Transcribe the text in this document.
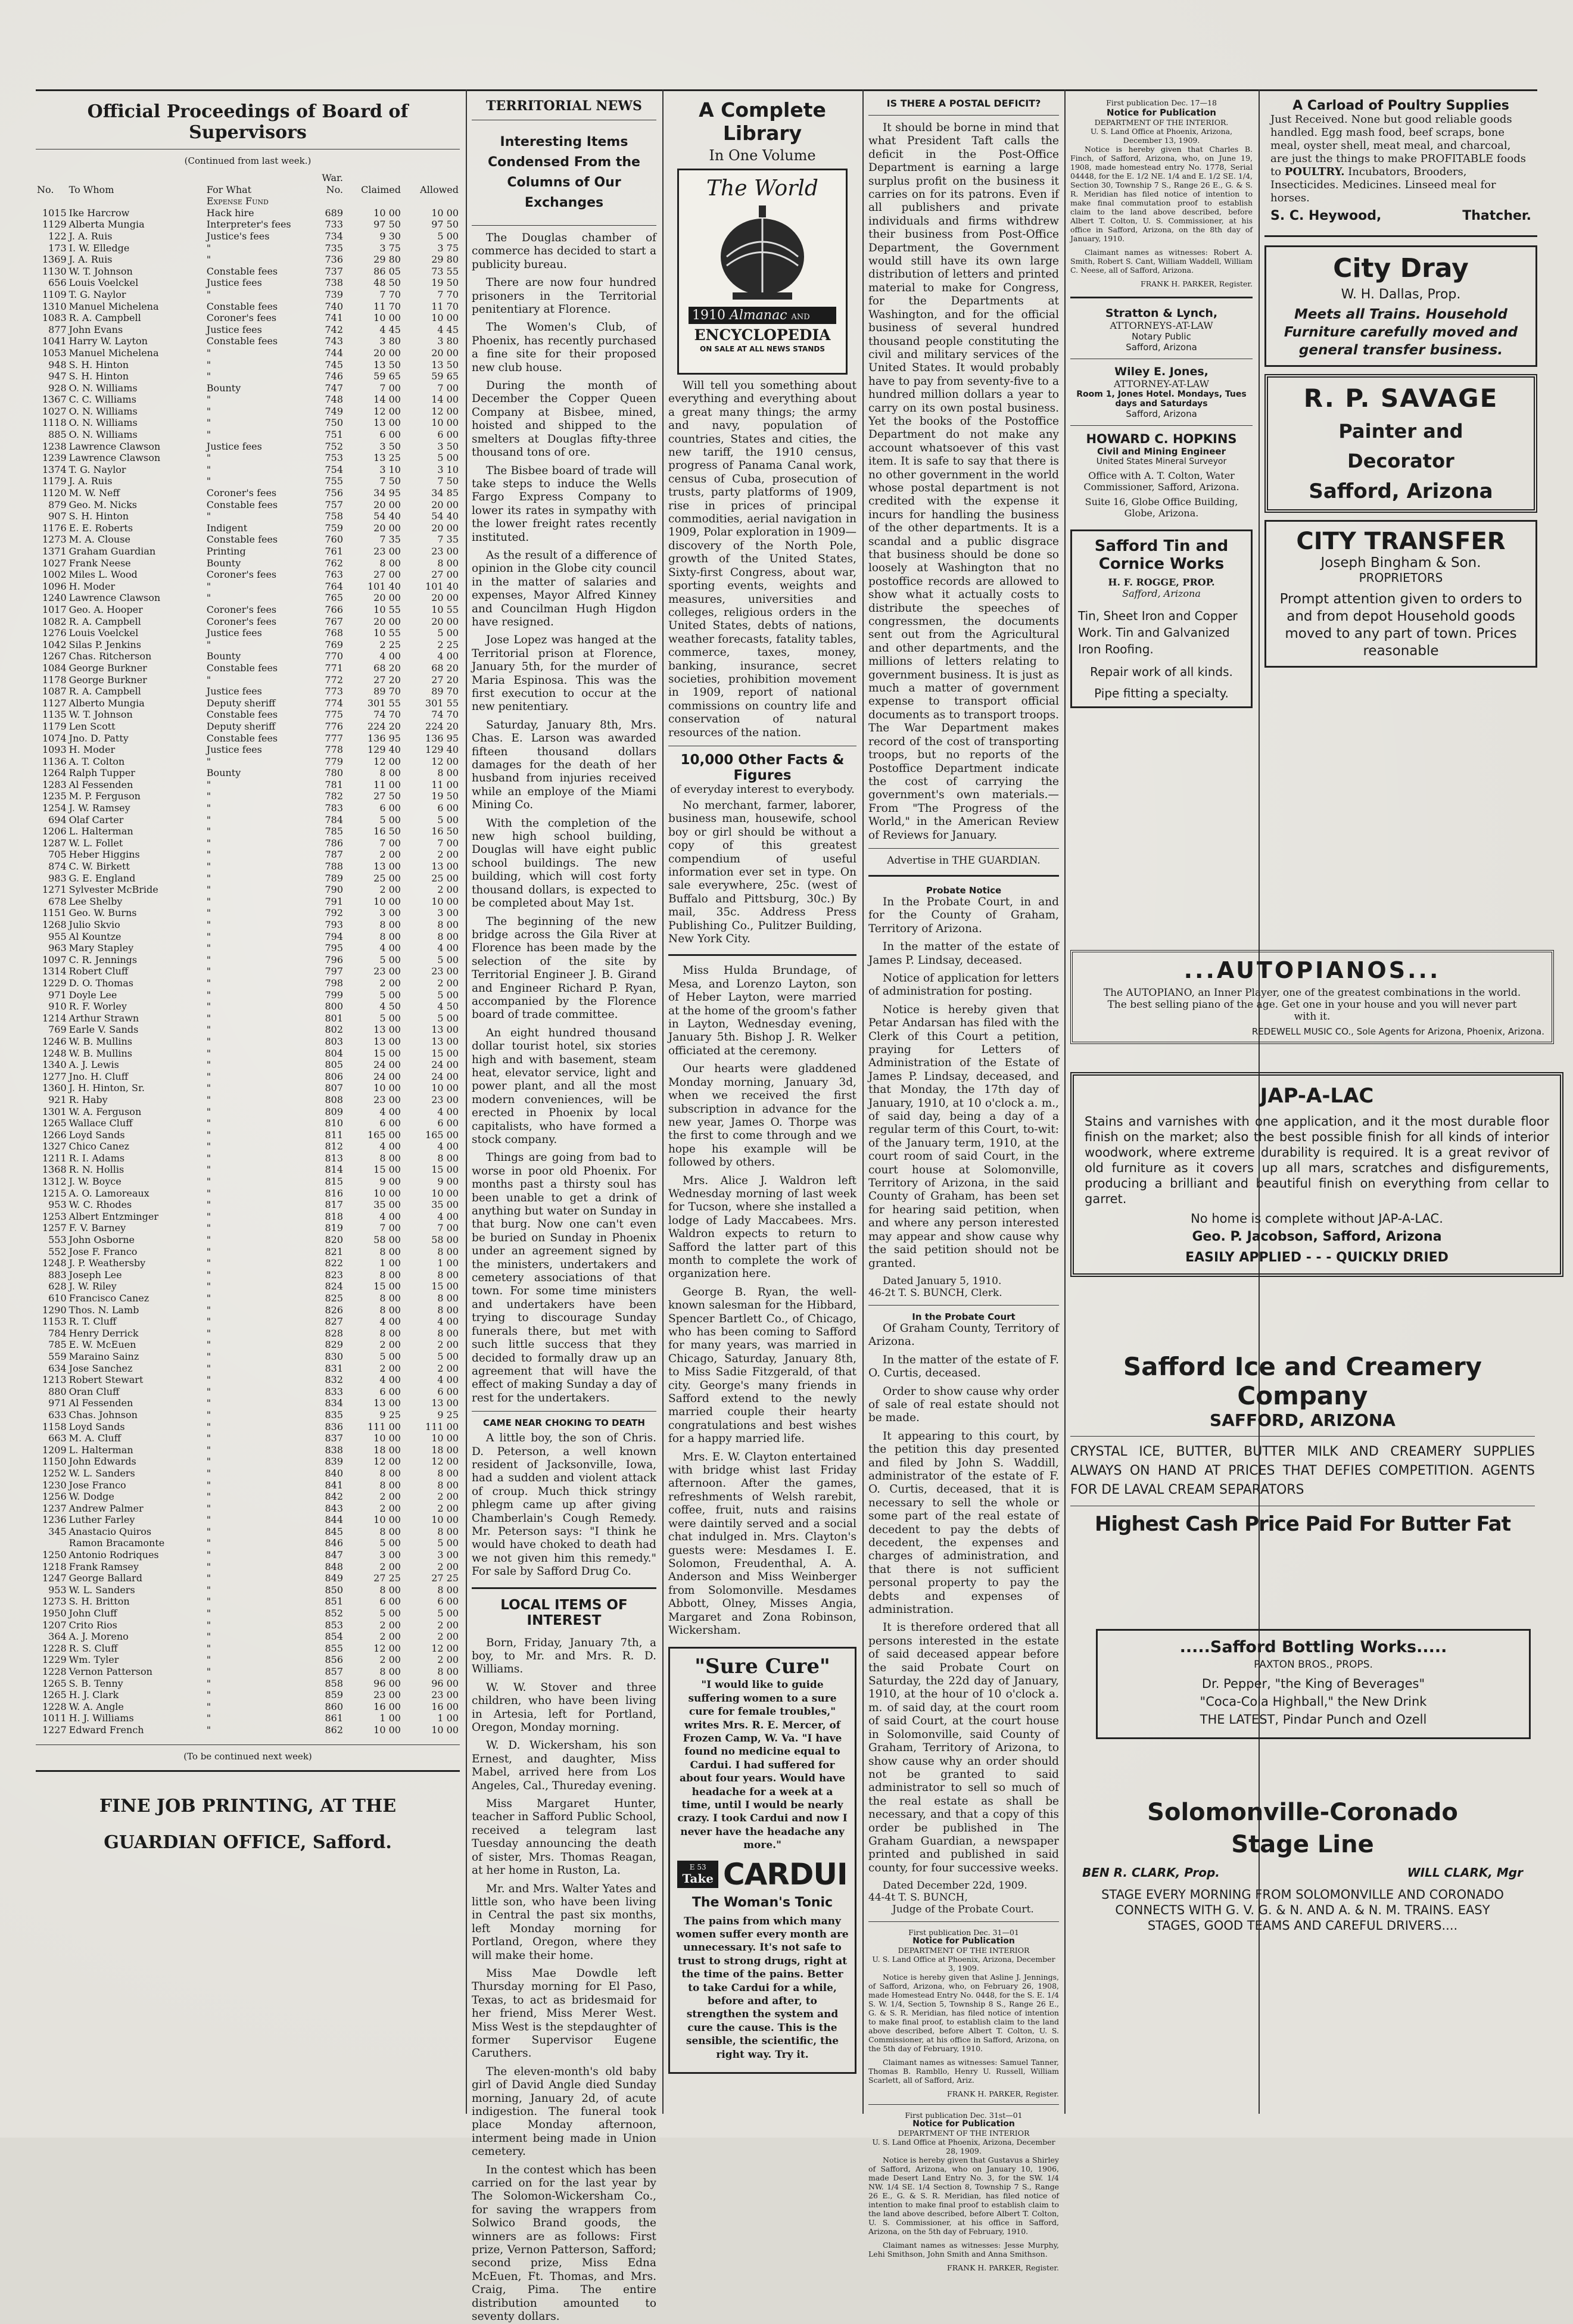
Official Proceedings of Board of Supervisors
(Continued from last week.)
			War.		
No.	To Whom	For What	No.	Claimed	Allowed
		Expense Fund			
1015	Ike Harcrow	Hack hire	689	10 00	10 00
1129	Alberta Mungia	Interpreter's fees	733	97 50	97 50
122	J. A. Ruis	Justice's fees	734	9 30	5 00
173	I. W. Elledge	"	735	3 75	3 75
1369	J. A. Ruis	"	736	29 80	29 80
1130	W. T. Johnson	Constable fees	737	86 05	73 55
656	Louis Voelckel	Justice fees	738	48 50	19 50
1109	T. G. Naylor	"	739	7 70	7 70
1310	Manuel Michelena	Constable fees	740	11 70	11 70
1083	R. A. Campbell	Coroner's fees	741	10 00	10 00
877	John Evans	Justice fees	742	4 45	4 45
1041	Harry W. Layton	Constable fees	743	3 80	3 80
1053	Manuel Michelena	"	744	20 00	20 00
948	S. H. Hinton	"	745	13 50	13 50
947	S. H. Hinton	"	746	59 65	59 65
928	O. N. Williams	Bounty	747	7 00	7 00
1367	C. C. Williams	"	748	14 00	14 00
1027	O. N. Williams	"	749	12 00	12 00
1118	O. N. Williams	"	750	13 00	10 00
885	O. N. Williams	"	751	6 00	6 00
1238	Lawrence Clawson	Justice fees	752	3 50	3 50
1239	Lawrence Clawson	"	753	13 25	5 00
1374	T. G. Naylor	"	754	3 10	3 10
1179	J. A. Ruis	"	755	7 50	7 50
1120	M. W. Neff	Coroner's fees	756	34 95	34 85
879	Geo. M. Nicks	Constable fees	757	20 00	20 00
907	S. H. Hinton	"	758	54 40	54 40
1176	E. E. Roberts	Indigent	759	20 00	20 00
1273	M. A. Clouse	Constable fees	760	7 35	7 35
1371	Graham Guardian	Printing	761	23 00	23 00
1027	Frank Neese	Bounty	762	8 00	8 00
1002	Miles L. Wood	Coroner's fees	763	27 00	27 00
1096	H. Moder	"	764	101 40	101 40
1240	Lawrence Clawson	"	765	20 00	20 00
1017	Geo. A. Hooper	Coroner's fees	766	10 55	10 55
1082	R. A. Campbell	Coroner's fees	767	20 00	20 00
1276	Louis Voelckel	Justice fees	768	10 55	5 00
1042	Silas P. Jenkins	"	769	2 25	2 25
1267	Chas. Ritcherson	Bounty	770	4 00	4 00
1084	George Burkner	Constable fees	771	68 20	68 20
1178	George Burkner	"	772	27 20	27 20
1087	R. A. Campbell	Justice fees	773	89 70	89 70
1127	Alberto Mungia	Deputy sheriff	774	301 55	301 55
1135	W. T. Johnson	Constable fees	775	74 70	74 70
1179	Len Scott	Deputy sheriff	776	224 20	224 20
1074	Jno. D. Patty	Constable fees	777	136 95	136 95
1093	H. Moder	Justice fees	778	129 40	129 40
1136	A. T. Colton	"	779	12 00	12 00
1264	Ralph Tupper	Bounty	780	8 00	8 00
1283	Al Fessenden	"	781	11 00	11 00
1235	M. P. Ferguson	"	782	27 50	19 50
1254	J. W. Ramsey	"	783	6 00	6 00
694	Olaf Carter	"	784	5 00	5 00
1206	L. Halterman	"	785	16 50	16 50
1287	W. L. Follet	"	786	7 00	7 00
705	Heber Higgins	"	787	2 00	2 00
874	C. W. Birkett	"	788	13 00	13 00
983	G. E. England	"	789	25 00	25 00
1271	Sylvester McBride	"	790	2 00	2 00
678	Lee Shelby	"	791	10 00	10 00
1151	Geo. W. Burns	"	792	3 00	3 00
1268	Julio Skvio	"	793	8 00	8 00
955	Al Kountze	"	794	8 00	8 00
963	Mary Stapley	"	795	4 00	4 00
1097	C. R. Jennings	"	796	5 00	5 00
1314	Robert Cluff	"	797	23 00	23 00
1229	D. O. Thomas	"	798	2 00	2 00
971	Doyle Lee	"	799	5 00	5 00
910	R. F. Worley	"	800	4 50	4 50
1214	Arthur Strawn	"	801	5 00	5 00
769	Earle V. Sands	"	802	13 00	13 00
1246	W. B. Mullins	"	803	13 00	13 00
1248	W. B. Mullins	"	804	15 00	15 00
1340	A. J. Lewis	"	805	24 00	24 00
1277	Jno. H. Cluff	"	806	24 00	24 00
1360	J. H. Hinton, Sr.	"	807	10 00	10 00
921	R. Haby	"	808	23 00	23 00
1301	W. A. Ferguson	"	809	4 00	4 00
1265	Wallace Cluff	"	810	6 00	6 00
1266	Loyd Sands	"	811	165 00	165 00
1327	Chico Canez	"	812	4 00	4 00
1211	R. I. Adams	"	813	8 00	8 00
1368	R. N. Hollis	"	814	15 00	15 00
1312	J. W. Boyce	"	815	9 00	9 00
1215	A. O. Lamoreaux	"	816	10 00	10 00
953	W. C. Rhodes	"	817	35 00	35 00
1253	Albert Entzminger	"	818	4 00	4 00
1257	F. V. Barney	"	819	7 00	7 00
553	John Osborne	"	820	58 00	58 00
552	Jose F. Franco	"	821	8 00	8 00
1248	J. P. Weathersby	"	822	1 00	1 00
883	Joseph Lee	"	823	8 00	8 00
628	J. W. Riley	"	824	15 00	15 00
610	Francisco Canez	"	825	8 00	8 00
1290	Thos. N. Lamb	"	826	8 00	8 00
1153	R. T. Cluff	"	827	4 00	4 00
784	Henry Derrick	"	828	8 00	8 00
785	E. W. McEuen	"	829	2 00	2 00
559	Maraino Sainz	"	830	5 00	5 00
634	Jose Sanchez	"	831	2 00	2 00
1213	Robert Stewart	"	832	4 00	4 00
880	Oran Cluff	"	833	6 00	6 00
971	Al Fessenden	"	834	13 00	13 00
633	Chas. Johnson	"	835	9 25	9 25
1158	Loyd Sands	"	836	111 00	111 00
663	M. A. Cluff	"	837	10 00	10 00
1209	L. Halterman	"	838	18 00	18 00
1150	John Edwards	"	839	12 00	12 00
1252	W. L. Sanders	"	840	8 00	8 00
1230	Jose Franco	"	841	8 00	8 00
1256	W. Dodge	"	842	2 00	2 00
1237	Andrew Palmer	"	843	2 00	2 00
1236	Luther Farley	"	844	10 00	10 00
345	Anastacio Quiros	"	845	8 00	8 00
	Ramon Bracamonte	"	846	5 00	5 00
1250	Antonio Rodriques	"	847	3 00	3 00
1218	Frank Ramsey	"	848	2 00	2 00
1247	George Ballard	"	849	27 25	27 25
953	W. L. Sanders	"	850	8 00	8 00
1273	S. H. Britton	"	851	6 00	6 00
1950	John Cluff	"	852	5 00	5 00
1207	Crito Rios	"	853	2 00	2 00
364	A. J. Moreno	"	854	2 00	2 00
1228	R. S. Cluff	"	855	12 00	12 00
1229	Wm. Tyler	"	856	2 00	2 00
1228	Vernon Patterson	"	857	8 00	8 00
1265	S. B. Tenny	"	858	96 00	96 00
1265	H. J. Clark	"	859	23 00	23 00
1228	W. A. Angle	"	860	16 00	16 00
1011	H. J. Williams	"	861	1 00	1 00
1227	Edward French	"	862	10 00	10 00
(To be continued next week)
FINE JOB PRINTING, AT THE
GUARDIAN OFFICE, Safford.
TERRITORIAL NEWS
Interesting Items Condensed From the Columns of Our Exchanges

The Douglas chamber of commerce has decided to start a publicity bureau.

There are now four hundred prisoners in the Territorial penitentiary at Florence.

The Women's Club, of Phoenix, has recently purchased a fine site for their proposed new club house.

During the month of December the Copper Queen Company at Bisbee, mined, hoisted and shipped to the smelters at Douglas fifty-three thousand tons of ore.

The Bisbee board of trade will take steps to induce the Wells Fargo Express Company to lower its rates in sympathy with the lower freight rates recently instituted.

As the result of a difference of opinion in the Globe city council in the matter of salaries and expenses, Mayor Alfred Kinney and Councilman Hugh Higdon have resigned.

Jose Lopez was hanged at the Territorial prison at Florence, January 5th, for the murder of Maria Espinosa. This was the first execution to occur at the new penitentiary.

Saturday, January 8th, Mrs. Chas. E. Larson was awarded fifteen thousand dollars damages for the death of her husband from injuries received while an employe of the Miami Mining Co.

With the completion of the new high school building, Douglas will have eight public school buildings. The new building, which will cost forty thousand dollars, is expected to be completed about May 1st.

The beginning of the new bridge across the Gila River at Florence has been made by the selection of the site by Territorial Engineer J. B. Girand and Engineer Richard P. Ryan, accompanied by the Florence board of trade committee.

An eight hundred thousand dollar tourist hotel, six stories high and with basement, steam heat, elevator service, light and power plant, and all the most modern conveniences, will be erected in Phoenix by local capitalists, who have formed a stock company.

Things are going from bad to worse in poor old Phoenix. For months past a thirsty soul has been unable to get a drink of anything but water on Sunday in that burg. Now one can't even be buried on Sunday in Phoenix under an agreement signed by the ministers, undertakers and cemetery associations of that town. For some time ministers and undertakers have been trying to discourage Sunday funerals there, but met with such little success that they decided to formally draw up an agreement that will have the effect of making Sunday a day of rest for the undertakers.

CAME NEAR CHOKING TO DEATH

A little boy, the son of Chris. D. Peterson, a well known resident of Jacksonville, Iowa, had a sudden and violent attack of croup. Much thick stringy phlegm came up after giving Chamberlain's Cough Remedy. Mr. Peterson says: "I think he would have choked to death had we not given him this remedy." For sale by Safford Drug Co.

LOCAL ITEMS OF INTEREST

Born, Friday, January 7th, a boy, to Mr. and Mrs. R. D. Williams.

W. W. Stover and three children, who have been living in Artesia, left for Portland, Oregon, Monday morning.

W. D. Wickersham, his son Ernest, and daughter, Miss Mabel, arrived here from Los Angeles, Cal., Thureday evening.

Miss Margaret Hunter, teacher in Safford Public School, received a telegram last Tuesday announcing the death of sister, Mrs. Thomas Reagan, at her home in Ruston, La.

Mr. and Mrs. Walter Yates and little son, who have been living in Central the past six months, left Monday morning for Portland, Oregon, where they will make their home.

Miss Mae Dowdle left Thursday morning for El Paso, Texas, to act as bridesmaid for her friend, Miss Merer West. Miss West is the stepdaughter of former Supervisor Eugene Caruthers.

The eleven-month's old baby girl of David Angle died Sunday morning, January 2d, of acute indigestion. The funeral took place Monday afternoon, interment being made in Union cemetery.

In the contest which has been carried on for the last year by The Solomon-Wickersham Co., for saving the wrappers from Solwico Brand goods, the winners are as follows: First prize, Vernon Patterson, Safford; second prize, Miss Edna McEuen, Ft. Thomas, and Mrs. Craig, Pima. The entire distribution amounted to seventy dollars.

A Complete Library
In One Volume
The World
1910 Almanac AND
ENCYCLOPEDIA
ON SALE AT ALL NEWS STANDS

Will tell you something about everything and everything about a great many things; the army and navy, population of countries, States and cities, the new tariff, the 1910 census, progress of Panama Canal work, census of Cuba, prosecution of trusts, party platforms of 1909, rise in prices of principal commodities, aerial navigation in 1909, Polar exploration in 1909—discovery of the North Pole, growth of the United States, Sixty-first Congress, about war, sporting events, weights and measures, universities and colleges, religious orders in the United States, debts of nations, weather forecasts, fatality tables, commerce, taxes, money, banking, insurance, secret societies, prohibition movement in 1909, report of national commissions on country life and conservation of natural resources of the nation.

10,000 Other Facts & Figures
of everyday interest to everybody.

No merchant, farmer, laborer, business man, housewife, school boy or girl should be without a copy of this greatest compendium of useful information ever set in type. On sale everywhere, 25c. (west of Buffalo and Pittsburg, 30c.) By mail, 35c. Address Press Publishing Co., Pulitzer Building, New York City.

Miss Hulda Brundage, of Mesa, and Lorenzo Layton, son of Heber Layton, were married at the home of the groom's father in Layton, Wednesday evening, January 5th. Bishop J. R. Welker officiated at the ceremony.

Our hearts were gladdened Monday morning, January 3d, when we received the first subscription in advance for the new year, James O. Thorpe was the first to come through and we hope his example will be followed by others.

Mrs. Alice J. Waldron left Wednesday morning of last week for Tucson, where she installed a lodge of Lady Maccabees. Mrs. Waldron expects to return to Safford the latter part of this month to complete the work of organization here.

George B. Ryan, the well-known salesman for the Hibbard, Spencer Bartlett Co., of Chicago, who has been coming to Safford for many years, was married in Chicago, Saturday, January 8th, to Miss Sadie Fitzgerald, of that city. George's many friends in Safford extend to the newly married couple their hearty congratulations and best wishes for a happy married life.

Mrs. E. W. Clayton entertained with bridge whist last Friday afternoon. After the games, refreshments of Welsh rarebit, coffee, fruit, nuts and raisins were daintily served and a social chat indulged in. Mrs. Clayton's guests were: Mesdames I. E. Solomon, Freudenthal, A. A. Anderson and Miss Weinberger from Solomonville. Mesdames Abbott, Olney, Misses Angia, Margaret and Zona Robinson, Wickersham.

"Sure Cure"

"I would like to guide suffering women to a sure cure for female troubles," writes Mrs. R. E. Mercer, of Frozen Camp, W. Va. "I have found no medicine equal to Cardui. I had suffered for about four years. Would have headache for a week at a time, until I would be nearly crazy. I took Cardui and now I never have the headache any more."

E 53
Take CARDUI
The Woman's Tonic

The pains from which many women suffer every month are unnecessary. It's not safe to trust to strong drugs, right at the time of the pains. Better to take Cardui for a while, before and after, to strengthen the system and cure the cause. This is the sensible, the scientific, the right way. Try it.

IS THERE A POSTAL DEFICIT?

It should be borne in mind that what President Taft calls the deficit in the Post-Office Department is earning a large surplus profit on the business it carries on for its patrons. Even if all publishers and private individuals and firms withdrew their business from Post-Office Department, the Government would still have its own large distribution of letters and printed material to make for Congress, for the Departments at Washington, and for the official business of several hundred thousand people constituting the civil and military services of the United States. It would probably have to pay from seventy-five to a hundred million dollars a year to carry on its own postal business. Yet the books of the Postoffice Department do not make any account whatsoever of this vast item. It is safe to say that there is no other government in the world whose postal department is not credited with the expense it incurs for handling the business of the other departments. It is a scandal and a public disgrace that business should be done so loosely at Washington that no postoffice records are allowed to show what it actually costs to distribute the speeches of congressmen, the documents sent out from the Agricultural and other departments, and the millions of letters relating to government business. It is just as much a matter of government expense to transport official documents as to transport troops. The War Department makes record of the cost of transporting troops, but no reports of the Postoffice Department indicate the cost of carrying the government's own materials.—From "The Progress of the World," in the American Review of Reviews for January.

Advertise in THE GUARDIAN.
Probate Notice

In the Probate Court, in and for the County of Graham, Territory of Arizona.

In the matter of the estate of James P. Lindsay, deceased.

Notice of application for letters of administration for posting.

Notice is hereby given that Petar Andarsan has filed with the Clerk of this Court a petition, praying for Letters of Administration of the Estate of James P. Lindsay, deceased, and that Monday, the 17th day of January, 1910, at 10 o'clock a. m., of said day, being a day of a regular term of this Court, to-wit: of the January term, 1910, at the court room of said Court, in the court house at Solomonville, Territory of Arizona, in the said County of Graham, has been set for hearing said petition, when and where any person interested may appear and show cause why the said petition should not be granted.

Dated January 5, 1910.
46-2t T. S. BUNCH, Clerk.
In the Probate Court

Of Graham County, Territory of Arizona.

In the matter of the estate of F. O. Curtis, deceased.

Order to show cause why order of sale of real estate should not be made.

It appearing to this court, by the petition this day presented and filed by John S. Waddill, administrator of the estate of F. O. Curtis, deceased, that it is necessary to sell the whole or some part of the real estate of decedent to pay the debts of decedent, the expenses and charges of administration, and that there is not sufficient personal property to pay the debts and expenses of administration.

It is therefore ordered that all persons interested in the estate of said deceased appear before the said Probate Court on Saturday, the 22d day of January, 1910, at the hour of 10 o'clock a. m. of said day, at the court room of said Court, at the court house in Solomonville, said County of Graham, Territory of Arizona, to show cause why an order should not be granted to said administrator to sell so much of the real estate as shall be necessary, and that a copy of this order be published in The Graham Guardian, a newspaper printed and published in said county, for four successive weeks.

Dated December 22d, 1909.
44-4t T. S. BUNCH,
Judge of the Probate Court.
First publication Dec. 31—01
Notice for Publication
DEPARTMENT OF THE INTERIOR
U. S. Land Office at Phoenix, Arizona, December 3, 1909.

Notice is hereby given that Asline J. Jennings, of Safford, Arizona, who, on February 26, 1908, made Homestead Entry No. 0448, for the S. E. 1/4 S. W. 1/4, Section 5, Township 8 S., Range 26 E., G. & S. R. Meridian, has filed notice of intention to make final proof, to establish claim to the land above described, before Albert T. Colton, U. S. Commissioner, at his office in Safford, Arizona, on the 5th day of February, 1910.

Claimant names as witnesses: Samuel Tanner, Thomas B. Rambllo, Henry U. Russell, William Scarlett, all of Safford, Ariz.

FRANK H. PARKER, Register.
First publication Dec. 31st—01
Notice for Publication
DEPARTMENT OF THE INTERIOR
U. S. Land Office at Phoenix, Arizona, December 28, 1909.

Notice is hereby given that Gustavus a Shirley of Safford, Arizona, who on January 10, 1906, made Desert Land Entry No. 3, for the SW. 1/4 NW. 1/4 SE. 1/4 Section 8, Township 7 S., Range 26 E., G. & S. R. Meridian, has filed notice of intention to make final proof to establish claim to the land above described, before Albert T. Colton, U. S. Commissioner, at his office in Safford, Arizona, on the 5th day of February, 1910.

Claimant names as witnesses: Jesse Murphy, Lehi Smithson, John Smith and Anna Smithson.

FRANK H. PARKER, Register.
First publication Dec. 17—18
Notice for Publication
DEPARTMENT OF THE INTERIOR.
U. S. Land Office at Phoenix, Arizona, December 13, 1909.

Notice is hereby given that Charles B. Finch, of Safford, Arizona, who, on June 19, 1908, made homestead entry No. 1778, Serial 04448, for the E. 1/2 NE. 1/4 and E. 1/2 SE. 1/4, Section 30, Township 7 S., Range 26 E., G. & S. R. Meridian has filed notice of intention to make final commutation proof to establish claim to the land above described, before Albert T. Colton, U. S. Commissioner, at his office in Safford, Arizona, on the 8th day of January, 1910.

Claimant names as witnesses: Robert A. Smith, Robert S. Cant, William Waddell, William C. Neese, all of Safford, Arizona.

FRANK H. PARKER, Register.
Stratton & Lynch,
ATTORNEYS-AT-LAW
Notary Public
Safford, Arizona
Wiley E. Jones,
ATTORNEY-AT-LAW
Room 1, Jones Hotel. Mondays, Tues days and Saturdays
Safford, Arizona
HOWARD C. HOPKINS
Civil and Mining Engineer
United States Mineral Surveyor
Office with A. T. Colton, Water Commissioner, Safford, Arizona.
Suite 16, Globe Office Building, Globe, Arizona.
Safford Tin and
Cornice Works
H. F. ROGGE, PROP.
Safford, Arizona
Tin, Sheet Iron and Copper Work. Tin and Galvanized Iron Roofing.
Repair work of all kinds.
Pipe fitting a specialty.
...AUTOPIANOS...
The AUTOPIANO, an Inner Player, one of the greatest combinations in the world. The best selling piano of the age. Get one in your house and you will never part with it.
REDEWELL MUSIC CO., Sole Agents for Arizona, Phoenix, Arizona.
JAP-A-LAC
Stains and varnishes with one application, and it the most durable floor finish on the market; also the best possible finish for all kinds of interior woodwork, where extreme durability is required. It is a great revivor of old furniture as it covers up all mars, scratches and disfigurements, producing a brilliant and beautiful finish on everything from cellar to garret.
No home is complete without JAP-A-LAC.
Geo. P. Jacobson, Safford, Arizona
EASILY APPLIED - - - QUICKLY DRIED
Safford Ice and Creamery
Company
SAFFORD, ARIZONA
CRYSTAL ICE, BUTTER, BUTTER MILK AND CREAMERY SUPPLIES ALWAYS ON HAND AT PRICES THAT DEFIES COMPETITION. AGENTS FOR DE LAVAL CREAM SEPARATORS
Highest Cash Price Paid For Butter Fat
.....Safford Bottling Works.....
PAXTON BROS., PROPS.
Dr. Pepper, "the King of Beverages"
"Coca-Cola Highball," the New Drink
THE LATEST, Pindar Punch and Ozell
Solomonville-Coronado
Stage Line
BEN R. CLARK, Prop.	WILL CLARK, Mgr
STAGE EVERY MORNING FROM SOLOMONVILLE AND CORONADO CONNECTS WITH G. V. G. & N. AND A. & N. M. TRAINS. EASY STAGES, GOOD TEAMS AND CAREFUL DRIVERS....
A Carload of Poultry Supplies
Just Received. None but good reliable goods handled. Egg mash food, beef scraps, bone meal, oyster shell, meat meal, and charcoal, are just the things to make PROFITABLE foods to POULTRY. Incubators, Brooders, Insecticides. Medicines. Linseed meal for horses.
S. C. Heywood,	Thatcher.
City Dray
W. H. Dallas, Prop.
Meets all Trains. Household Furniture carefully moved and general transfer business.
R. P. SAVAGE
Painter and
Decorator
Safford, Arizona
CITY TRANSFER
Joseph Bingham & Son.
PROPRIETORS
Prompt attention given to orders to and from depot Household goods moved to any part of town. Prices reasonable
